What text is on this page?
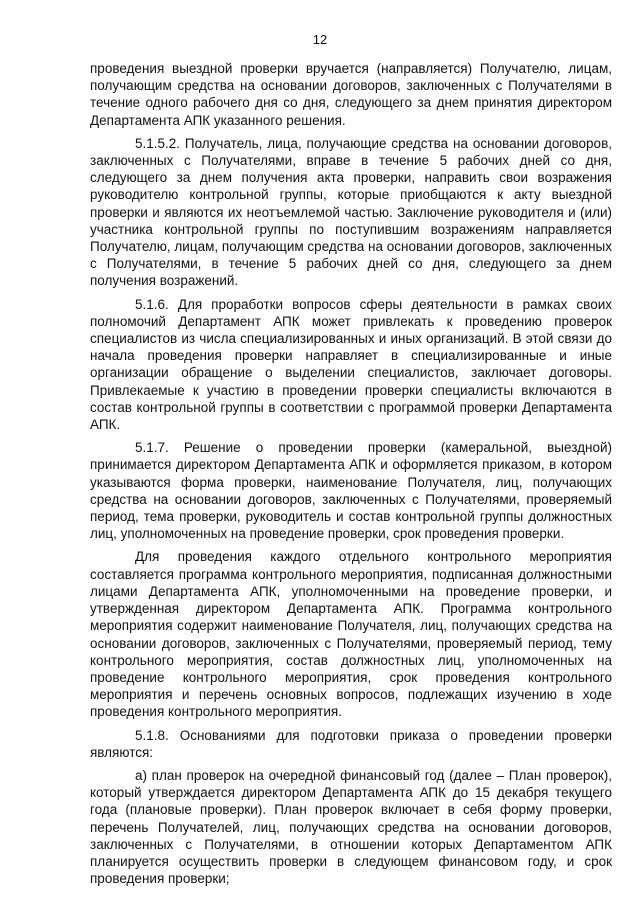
12

проведения выездной проверки вручается (направляется) Получателю, лицам, получающим средства на основании договоров, заключенных с Получателями в течение одного рабочего дня со дня, следующего за днем принятия директором Департамента АПК указанного решения.

5.1.5.2. Получатель, лица, получающие средства на основании договоров, заключенных с Получателями, вправе в течение 5 рабочих дней со дня, следующего за днем получения акта проверки, направить свои возражения руководителю контрольной группы, которые приобщаются к акту выездной проверки и являются их неотъемлемой частью. Заключение руководителя и (или) участника контрольной группы по поступившим возражениям направляется Получателю, лицам, получающим средства на основании договоров, заключенных с Получателями, в течение 5 рабочих дней со дня, следующего за днем получения возражений.

5.1.6. Для проработки вопросов сферы деятельности в рамках своих полномочий Департамент АПК может привлекать к проведению проверок специалистов из числа специализированных и иных организаций. В этой связи до начала проведения проверки направляет в специализированные и иные организации обращение о выделении специалистов, заключает договоры. Привлекаемые к участию в проведении проверки специалисты включаются в состав контрольной группы в соответствии с программой проверки Департамента АПК.

5.1.7. Решение о проведении проверки (камеральной, выездной) принимается директором Департамента АПК и оформляется приказом, в котором указываются форма проверки, наименование Получателя, лиц, получающих средства на основании договоров, заключенных с Получателями, проверяемый период, тема проверки, руководитель и состав контрольной группы должностных лиц, уполномоченных на проведение проверки, срок проведения проверки.

Для проведения каждого отдельного контрольного мероприятия составляется программа контрольного мероприятия, подписанная должностными лицами Департамента АПК, уполномоченными на проведение проверки, и утвержденная директором Департамента АПК. Программа контрольного мероприятия содержит наименование Получателя, лиц, получающих средства на основании договоров, заключенных с Получателями, проверяемый период, тему контрольного мероприятия, состав должностных лиц, уполномоченных на проведение контрольного мероприятия, срок проведения контрольного мероприятия и перечень основных вопросов, подлежащих изучению в ходе проведения контрольного мероприятия.

5.1.8. Основаниями для подготовки приказа о проведении проверки являются:

а) план проверок на очередной финансовый год (далее – План проверок), который утверждается директором Департамента АПК до 15 декабря текущего года (плановые проверки). План проверок включает в себя форму проверки, перечень Получателей, лиц, получающих средства на основании договоров, заключенных с Получателями, в отношении которых Департаментом АПК планируется осуществить проверки в следующем финансовом году, и срок проведения проверки;
